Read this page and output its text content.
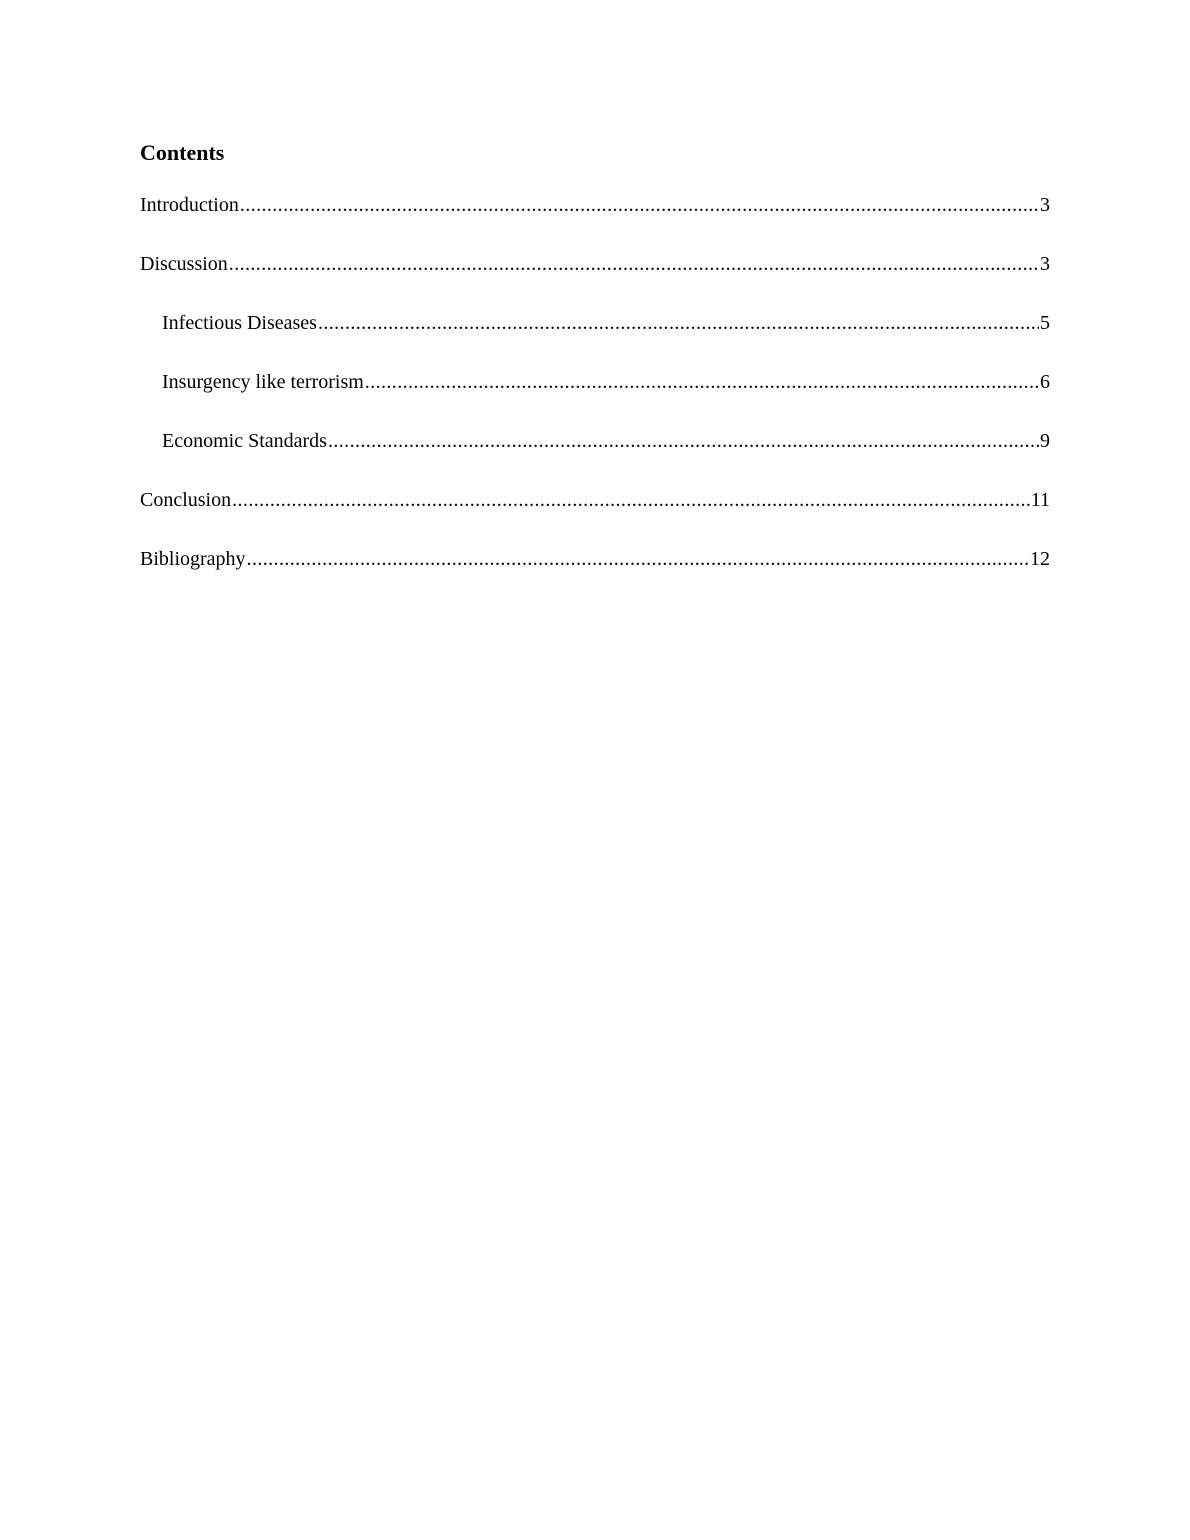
Contents
Introduction .....	3
Discussion .....	3
Infectious Diseases .....	5
Insurgency like terrorism .....	6
Economic Standards .....	9
Conclusion .....	11
Bibliography .....	12
